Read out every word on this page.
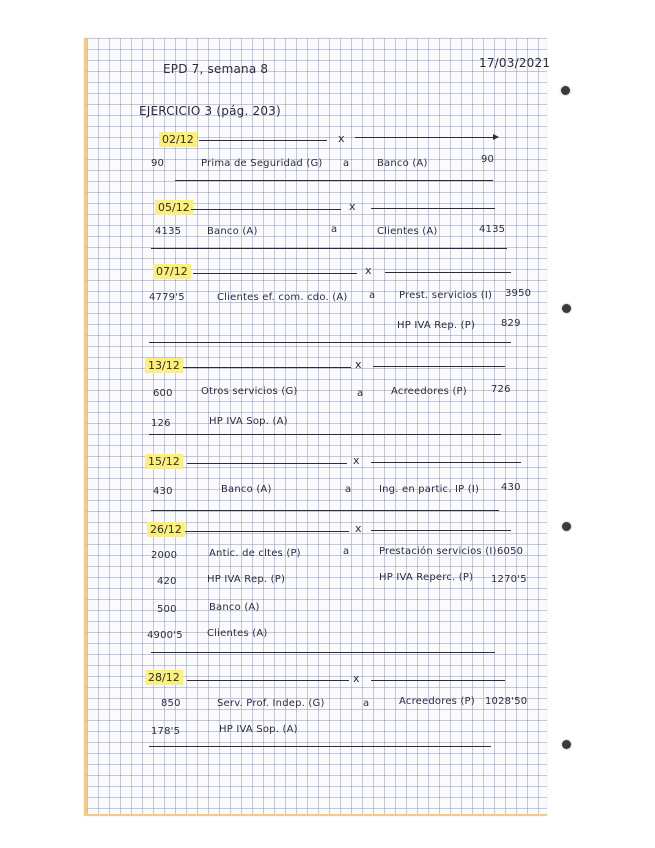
EPD 7, semana 8	17/03/2021
EJERCICIO 3 (pág. 203)
02/12	x
90	Prima de Seguridad (G) a	Banco (A)	90
05/12	x
4135	Banco (A)	a	Clientes (A)	4135
07/12	x
4779'5	Clientes ef. com. cdo. (A) a Prest. servicios (I) 3950
HP IVA Rep. (P)	829
13/12	x
600	Otros servicios (G)	a	Acreedores (P) 726
126	HP IVA Sop. (A)
15/12	x
430	Banco (A)	a	Ing. en partic. IP (I) 430
26/12	x
2000	Antic. de cltes (P)	a	Prestación servicios (I) 6050
420	HP IVA Rep. (P)	HP IVA Reperc. (P) 1270'5
500	Banco (A)
4900'5 Clientes (A)
28/12	x
850	Serv. Prof. Indep. (G)	a	Acreedores (P) 1028'50
178'5	HP IVA Sop. (A)
